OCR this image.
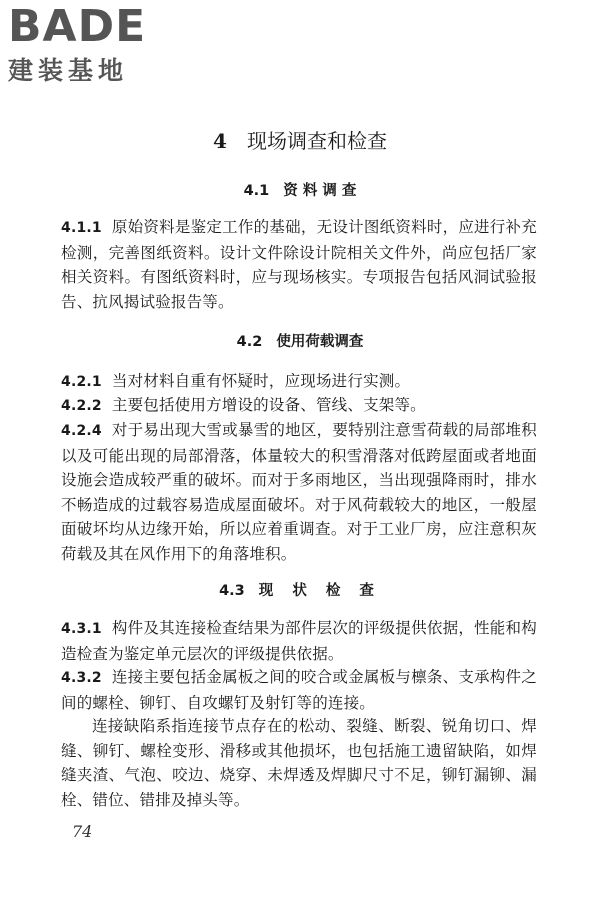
BADE
建装基地
4 现场调查和检查
4.1 资 料 调 查
4.1.1 原始资料是鉴定工作的基础，无设计图纸资料时，应进行补充检测，完善图纸资料。设计文件除设计院相关文件外，尚应包括厂家相关资料。有图纸资料时，应与现场核实。专项报告包括风洞试验报告、抗风揭试验报告等。
4.2 使用荷载调查
4.2.1 当对材料自重有怀疑时，应现场进行实测。
4.2.2 主要包括使用方增设的设备、管线、支架等。
4.2.4 对于易出现大雪或暴雪的地区，要特别注意雪荷载的局部堆积以及可能出现的局部滑落，体量较大的积雪滑落对低跨屋面或者地面设施会造成较严重的破坏。而对于多雨地区，当出现强降雨时，排水不畅造成的过载容易造成屋面破坏。对于风荷载较大的地区，一般屋面破坏均从边缘开始，所以应着重调查。对于工业厂房，应注意积灰荷载及其在风作用下的角落堆积。
4.3 现 状 检 查
4.3.1 构件及其连接检查结果为部件层次的评级提供依据，性能和构造检查为鉴定单元层次的评级提供依据。
4.3.2 连接主要包括金属板之间的咬合或金属板与檩条、支承构件之间的螺栓、铆钉、自攻螺钉及射钉等的连接。
连接缺陷系指连接节点存在的松动、裂缝、断裂、锐角切口、焊缝、铆钉、螺栓变形、滑移或其他损坏，也包括施工遗留缺陷，如焊缝夹渣、气泡、咬边、烧穿、未焊透及焊脚尺寸不足，铆钉漏铆、漏栓、错位、错排及掉头等。
74
